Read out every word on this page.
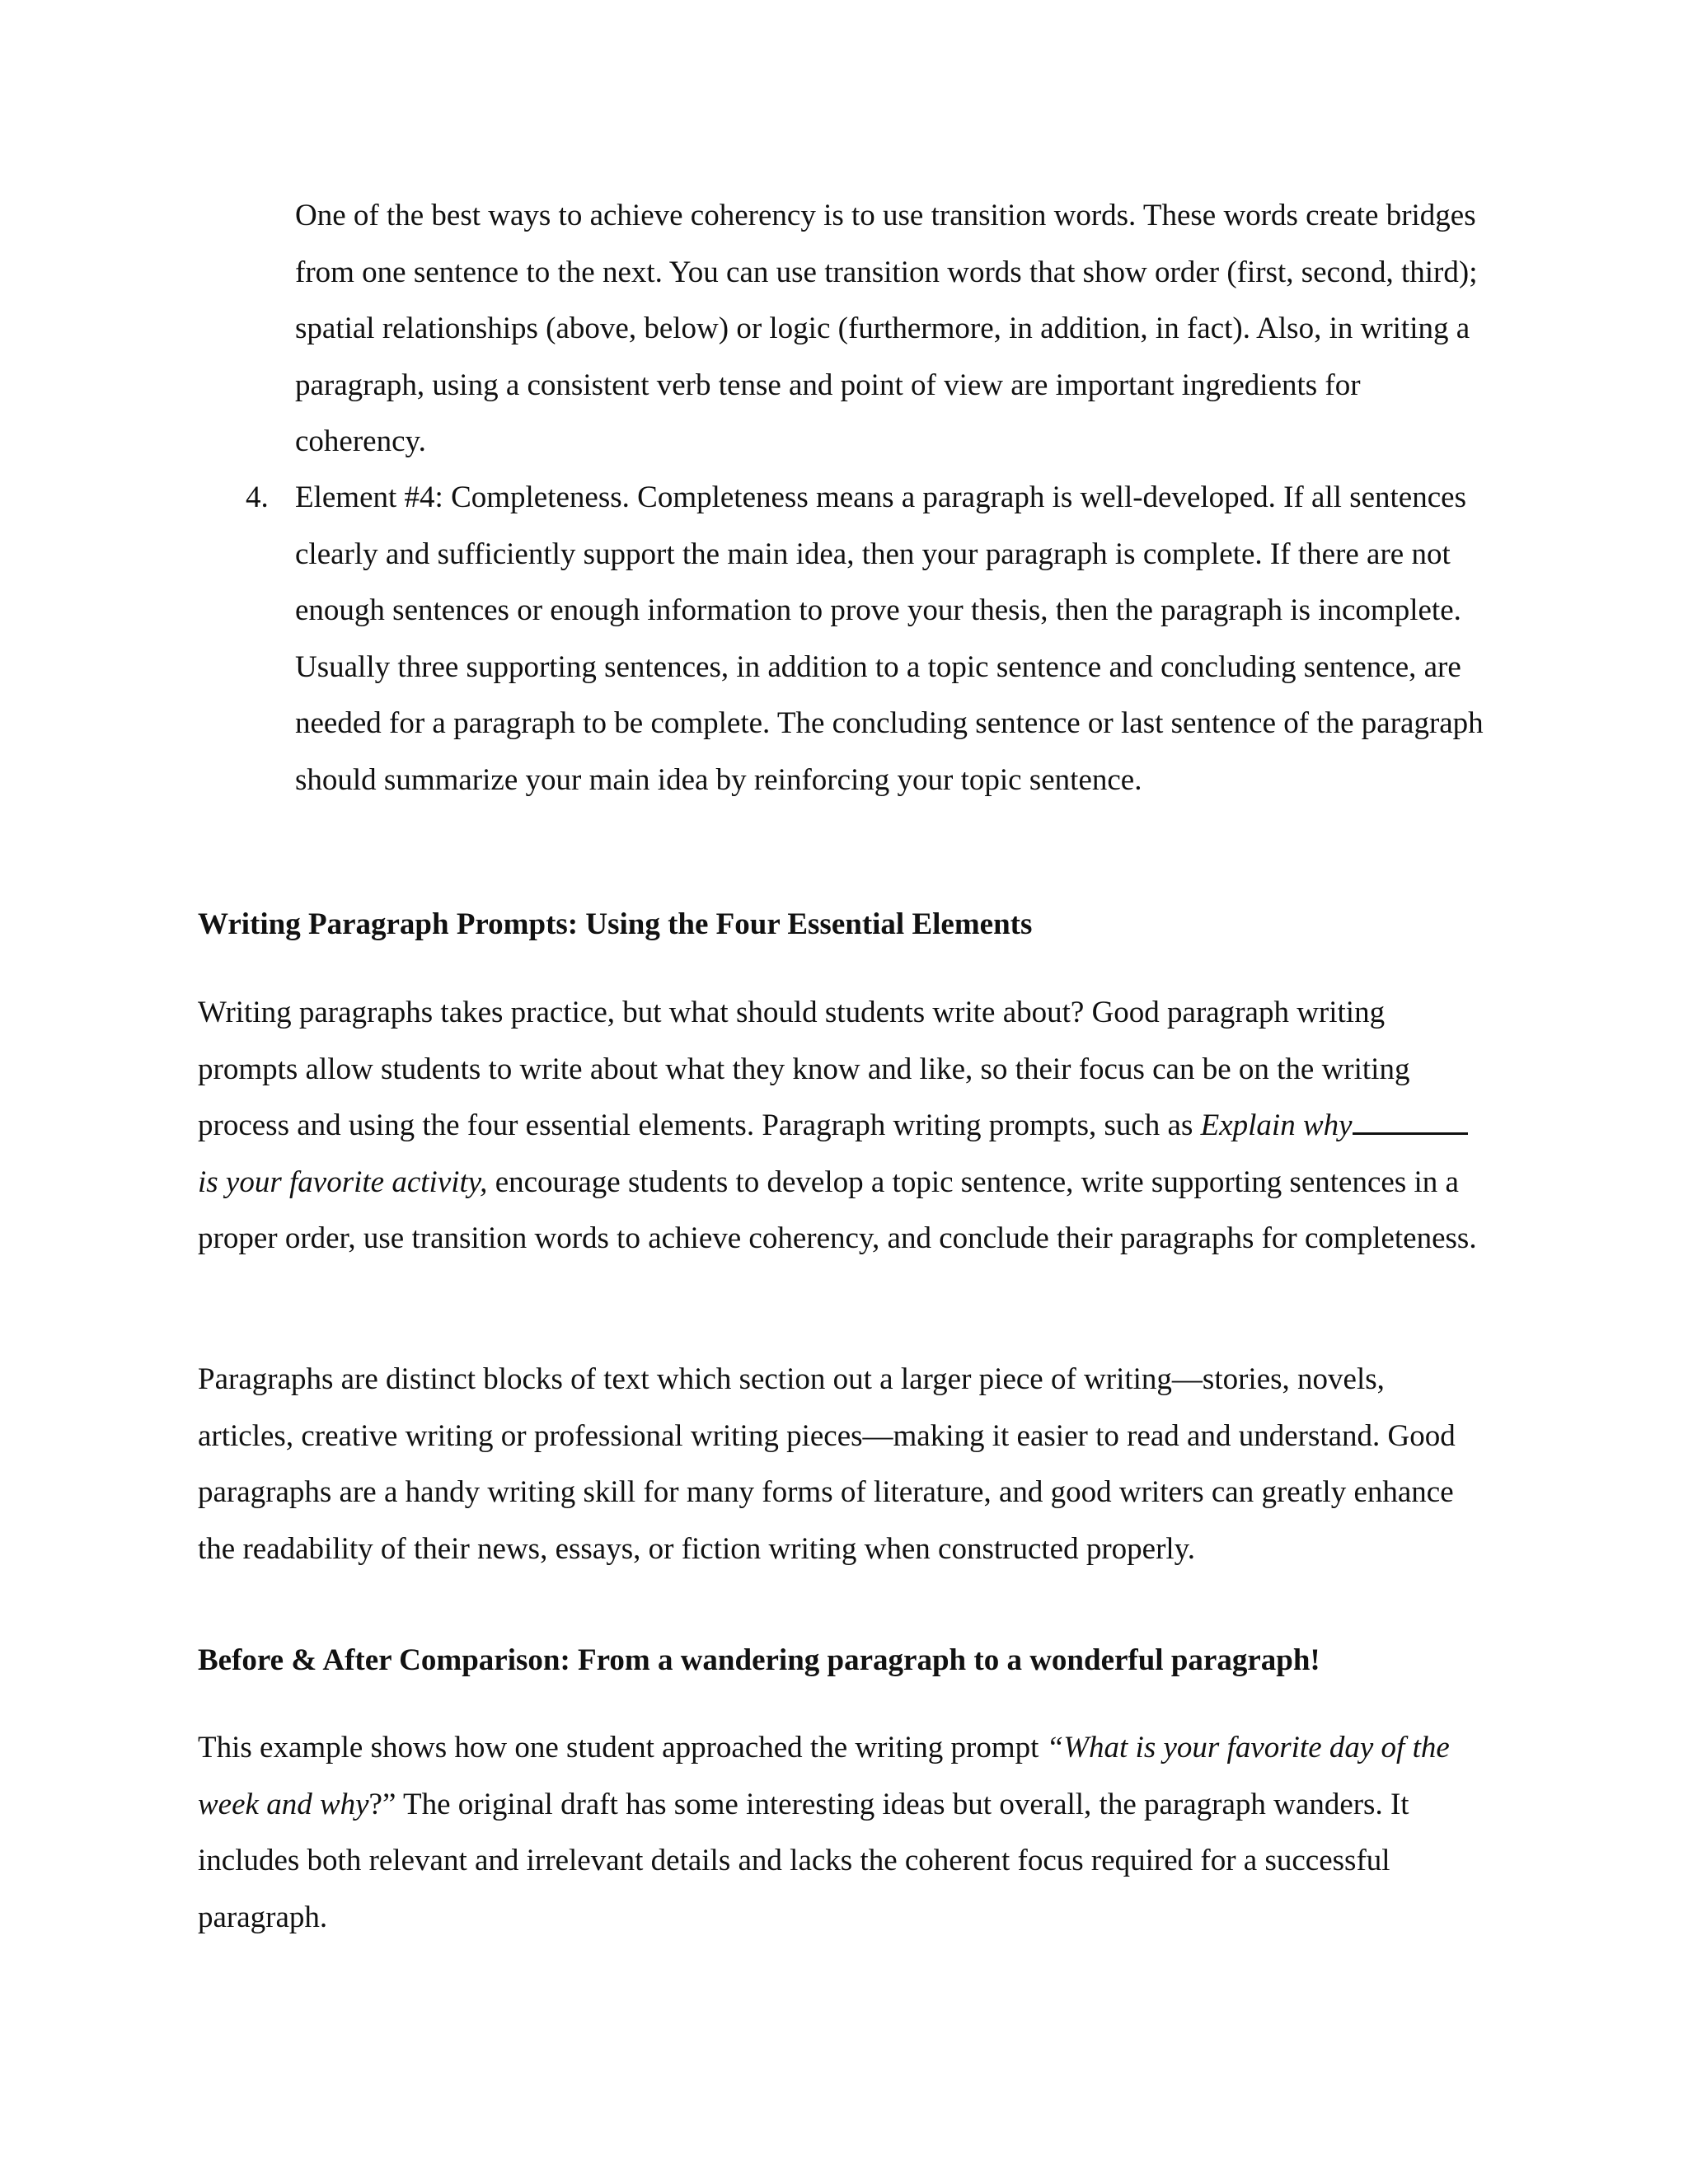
One of the best ways to achieve coherency is to use transition words. These words create bridges from one sentence to the next. You can use transition words that show order (first, second, third); spatial relationships (above, below) or logic (furthermore, in addition, in fact). Also, in writing a paragraph, using a consistent verb tense and point of view are important ingredients for coherency.
4. Element #4: Completeness. Completeness means a paragraph is well-developed. If all sentences clearly and sufficiently support the main idea, then your paragraph is complete. If there are not enough sentences or enough information to prove your thesis, then the paragraph is incomplete. Usually three supporting sentences, in addition to a topic sentence and concluding sentence, are needed for a paragraph to be complete. The concluding sentence or last sentence of the paragraph should summarize your main idea by reinforcing your topic sentence.
Writing Paragraph Prompts: Using the Four Essential Elements

Writing paragraphs takes practice, but what should students write about? Good paragraph writing prompts allow students to write about what they know and like, so their focus can be on the writing process and using the four essential elements. Paragraph writing prompts, such as Explain whyis your favorite activity, encourage students to develop a topic sentence, write supporting sentences in a proper order, use transition words to achieve coherency, and conclude their paragraphs for completeness.

Paragraphs are distinct blocks of text which section out a larger piece of writing—stories, novels, articles, creative writing or professional writing pieces—making it easier to read and understand. Good paragraphs are a handy writing skill for many forms of literature, and good writers can greatly enhance the readability of their news, essays, or fiction writing when constructed properly.

Before & After Comparison: From a wandering paragraph to a wonderful paragraph!

This example shows how one student approached the writing prompt “What is your favorite day of the week and why?” The original draft has some interesting ideas but overall, the paragraph wanders. It includes both relevant and irrelevant details and lacks the coherent focus required for a successful paragraph.
